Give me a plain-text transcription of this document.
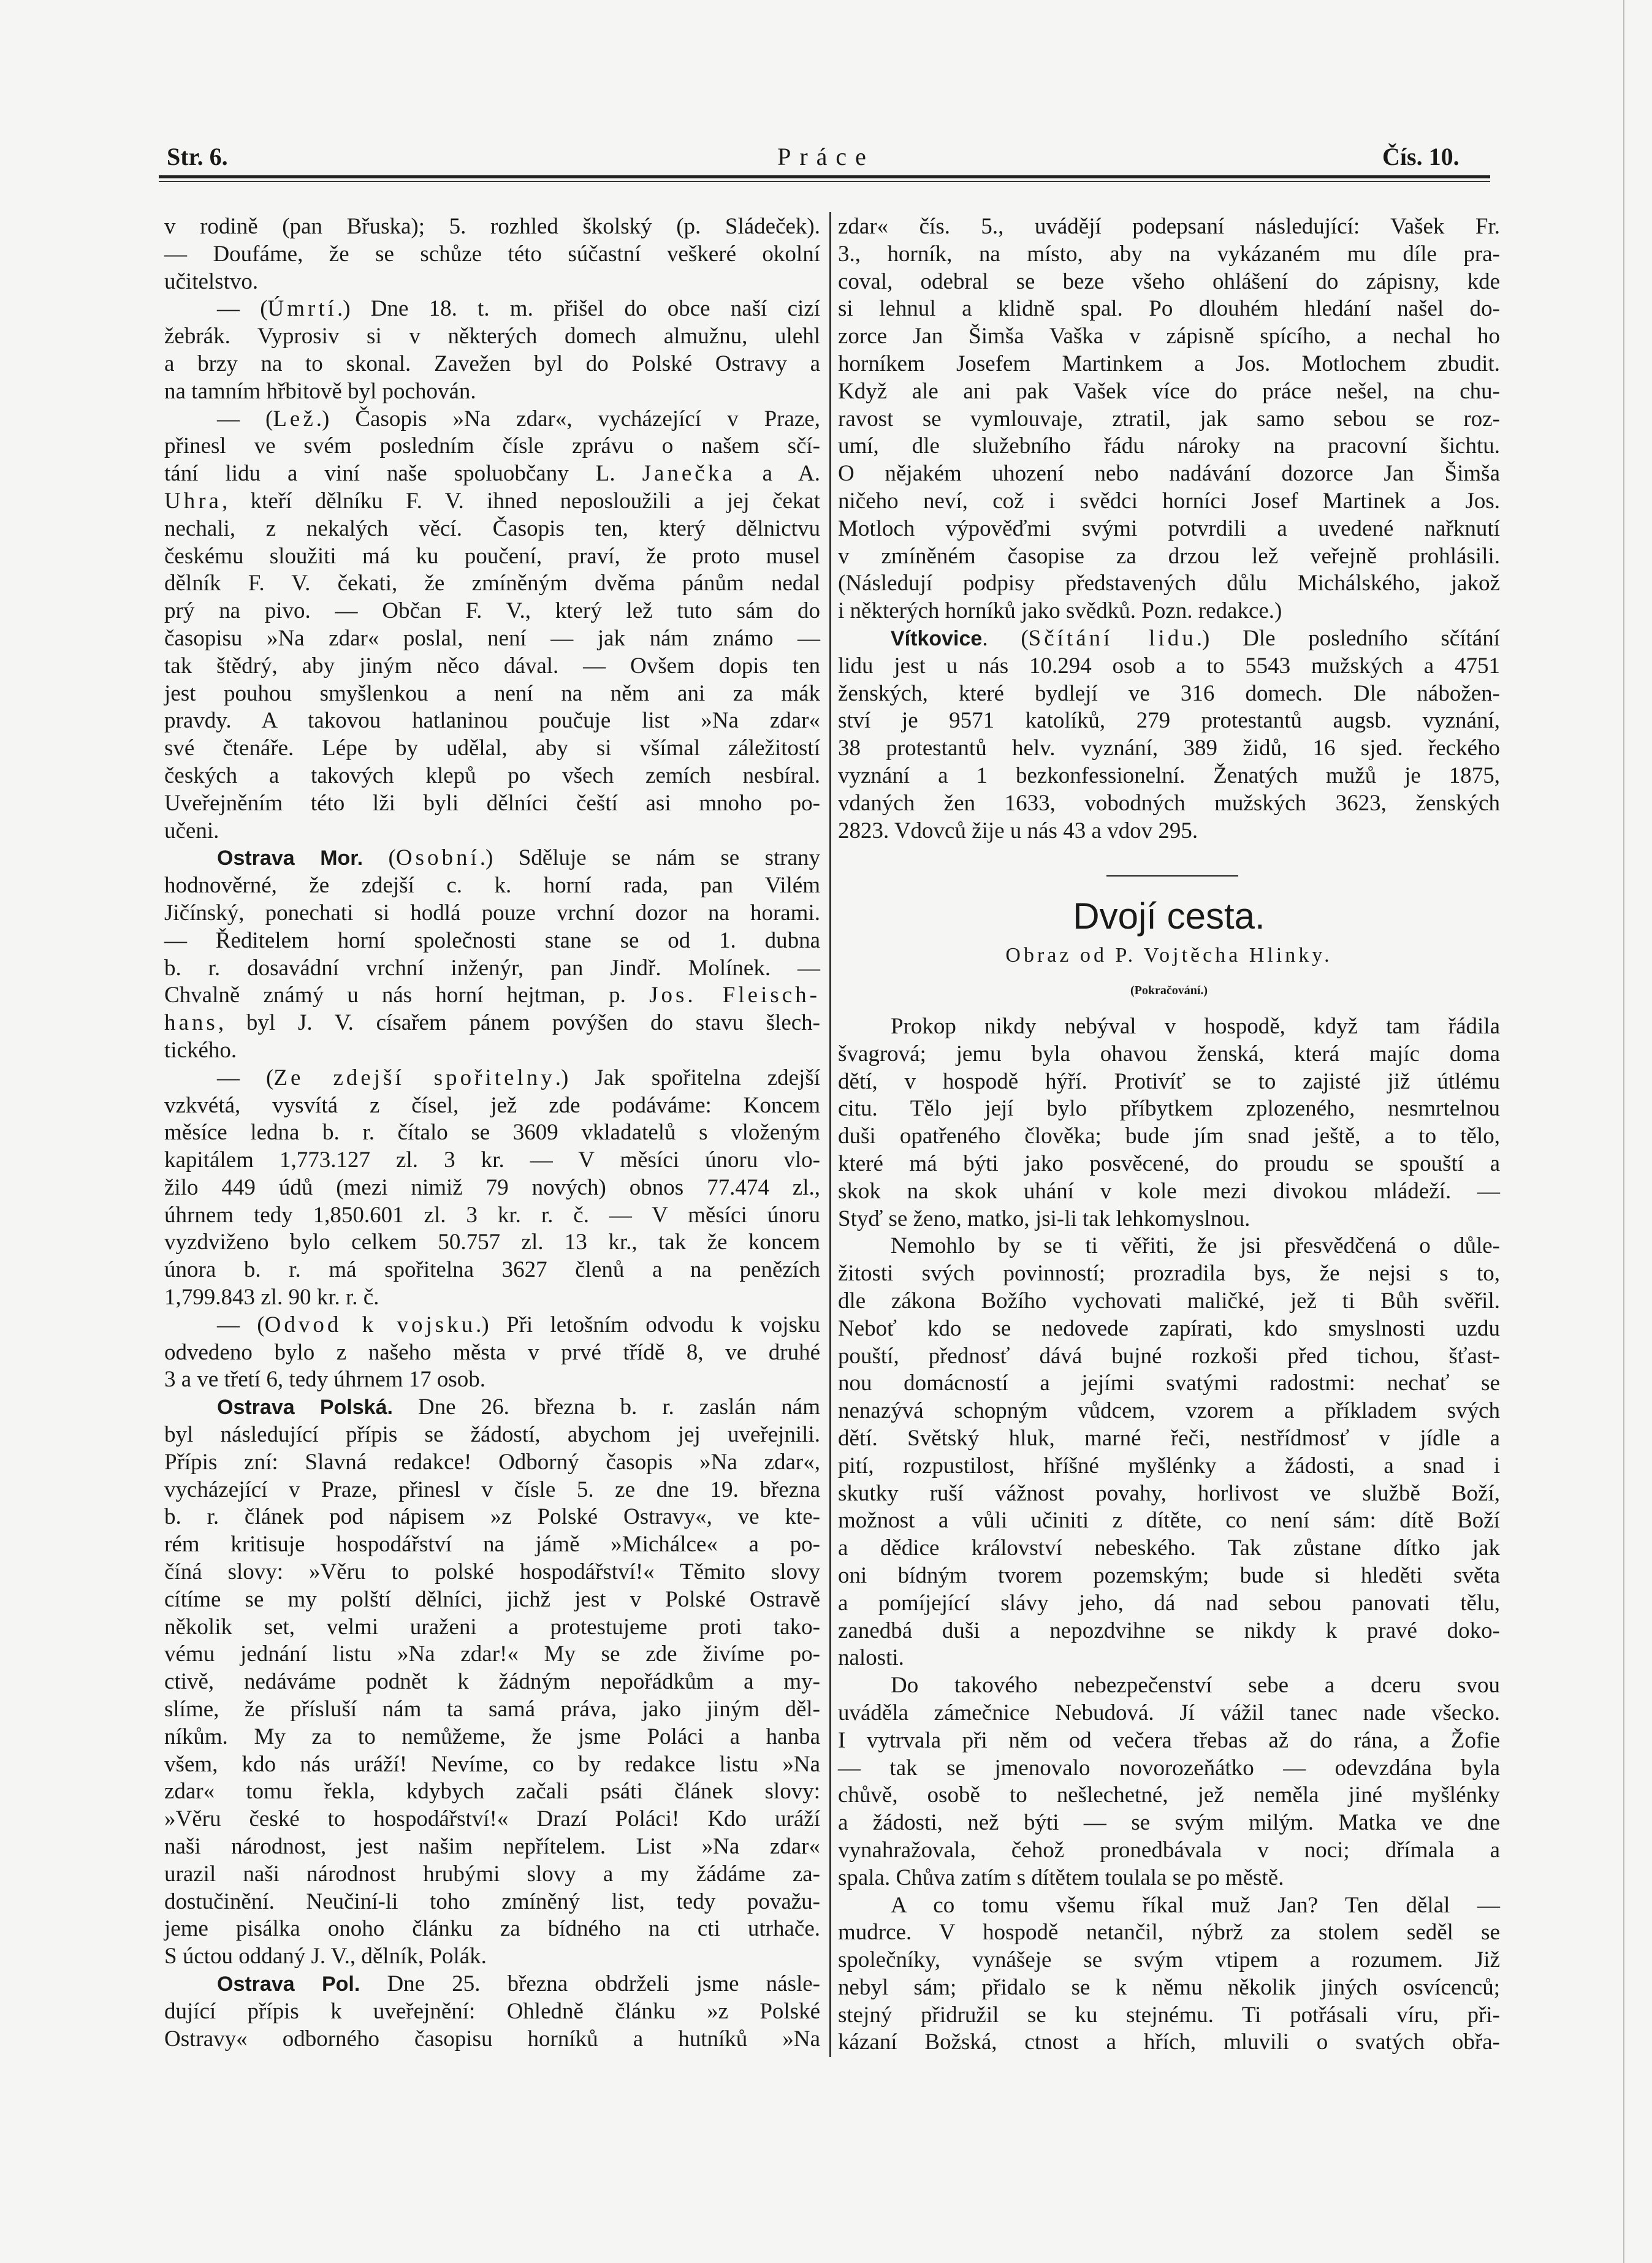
Str. 6.	Práce	Čís. 10.
v rodině (pan Břuska); 5. rozhled školský (p. Sládeček).
— Doufáme, že se schůze této súčastní veškeré okolní
učitelstvo.
— (Úmrtí.) Dne 18. t. m. přišel do obce naší cizí
žebrák. Vyprosiv si v některých domech almužnu, ulehl
a brzy na to skonal. Zavežen byl do Polské Ostravy a
na tamním hřbitově byl pochován.
— (Lež.) Časopis »Na zdar«, vycházející v Praze,
přinesl ve svém posledním čísle zprávu o našem sčí-
tání lidu a viní naše spoluobčany L. Janečka a A.
Uhra, kteří dělníku F. V. ihned neposloužili a jej čekat
nechali, z nekalých věcí. Časopis ten, který dělnictvu
českému sloužiti má ku poučení, praví, že proto musel
dělník F. V. čekati, že zmíněným dvěma pánům nedal
prý na pivo. — Občan F. V., který lež tuto sám do
časopisu »Na zdar« poslal, není — jak nám známo —
tak štědrý, aby jiným něco dával. — Ovšem dopis ten
jest pouhou smyšlenkou a není na něm ani za mák
pravdy. A takovou hatlaninou poučuje list »Na zdar«
své čtenáře. Lépe by udělal, aby si všímal záležitostí
českých a takových klepů po všech zemích nesbíral.
Uveřejněním této lži byli dělníci čeští asi mnoho po-
učeni.
Ostrava Mor. (Osobní.) Sděluje se nám se strany
hodnověrné, že zdejší c. k. horní rada, pan Vilém
Jičínský, ponechati si hodlá pouze vrchní dozor na horami.
— Ředitelem horní společnosti stane se od 1. dubna
b. r. dosavádní vrchní inženýr, pan Jindř. Molínek. —
Chvalně známý u nás horní hejtman, p. Jos. Fleisch-
hans, byl J. V. císařem pánem povýšen do stavu šlech-
tického.
— (Ze zdejší spořitelny.) Jak spořitelna zdejší
vzkvétá, vysvítá z čísel, jež zde podáváme: Koncem
měsíce ledna b. r. čítalo se 3609 vkladatelů s vloženým
kapitálem 1,773.127 zl. 3 kr. — V měsíci únoru vlo-
žilo 449 údů (mezi nimiž 79 nových) obnos 77.474 zl.,
úhrnem tedy 1,850.601 zl. 3 kr. r. č. — V měsíci únoru
vyzdviženo bylo celkem 50.757 zl. 13 kr., tak že koncem
února b. r. má spořitelna 3627 členů a na penězích
1,799.843 zl. 90 kr. r. č.
— (Odvod k vojsku.) Při letošním odvodu k vojsku
odvedeno bylo z našeho města v prvé třídě 8, ve druhé
3 a ve třetí 6, tedy úhrnem 17 osob.
Ostrava Polská. Dne 26. března b. r. zaslán nám
byl následující přípis se žádostí, abychom jej uveřejnili.
Přípis zní: Slavná redakce! Odborný časopis »Na zdar«,
vycházející v Praze, přinesl v čísle 5. ze dne 19. března
b. r. článek pod nápisem »z Polské Ostravy«, ve kte-
rém kritisuje hospodářství na jámě »Michálce« a po-
číná slovy: »Věru to polské hospodářství!« Těmito slovy
cítíme se my polští dělníci, jichž jest v Polské Ostravě
několik set, velmi uraženi a protestujeme proti tako-
vému jednání listu »Na zdar!« My se zde živíme po-
ctivě, nedáváme podnět k žádným nepořádkům a my-
slíme, že přísluší nám ta samá práva, jako jiným děl-
níkům. My za to nemůžeme, že jsme Poláci a hanba
všem, kdo nás uráží! Nevíme, co by redakce listu »Na
zdar« tomu řekla, kdybych začali psáti článek slovy:
»Věru české to hospodářství!« Drazí Poláci! Kdo uráží
naši národnost, jest našim nepřítelem. List »Na zdar«
urazil naši národnost hrubými slovy a my žádáme za-
dostučinění. Neučiní-li toho zmíněný list, tedy považu-
jeme pisálka onoho článku za bídného na cti utrhače.
S úctou oddaný J. V., dělník, Polák.
Ostrava Pol. Dne 25. března obdrželi jsme násle-
dující přípis k uveřejnění: Ohledně článku »z Polské
Ostravy« odborného časopisu horníků a hutníků »Na
zdar« čís. 5., uvádějí podepsaní následující: Vašek Fr.
3., horník, na místo, aby na vykázaném mu díle pra-
coval, odebral se beze všeho ohlášení do zápisny, kde
si lehnul a klidně spal. Po dlouhém hledání našel do-
zorce Jan Šimša Vaška v zápisně spícího, a nechal ho
horníkem Josefem Martinkem a Jos. Motlochem zbudit.
Když ale ani pak Vašek více do práce nešel, na chu-
ravost se vymlouvaje, ztratil, jak samo sebou se roz-
umí, dle služebního řádu nároky na pracovní šichtu.
O nějakém uhození nebo nadávání dozorce Jan Šimša
ničeho neví, což i svědci horníci Josef Martinek a Jos.
Motloch výpověďmi svými potvrdili a uvedené nařknutí
v zmíněném časopise za drzou lež veřejně prohlásili.
(Následují podpisy představených důlu Michálského, jakož
i některých horníků jako svědků. Pozn. redakce.)
Vítkovice. (Sčítání lidu.) Dle posledního sčítání
lidu jest u nás 10.294 osob a to 5543 mužských a 4751
ženských, které bydlejí ve 316 domech. Dle nábožen-
ství je 9571 katolíků, 279 protestantů augsb. vyznání,
38 protestantů helv. vyznání, 389 židů, 16 sjed. řeckého
vyznání a 1 bezkonfessionelní. Ženatých mužů je 1875,
vdaných žen 1633, vobodných mužských 3623, ženských
2823. Vdovců žije u nás 43 a vdov 295.
Dvojí cesta.
Obraz od P. Vojtěcha Hlinky.
(Pokračování.)
Prokop nikdy nebýval v hospodě, když tam řádila
švagrová; jemu byla ohavou ženská, která majíc doma
dětí, v hospodě hýří. Protivíť se to zajisté již útlému
citu. Tělo její bylo příbytkem zplozeného, nesmrtelnou
duši opatřeného člověka; bude jím snad ještě, a to tělo,
které má býti jako posvěcené, do proudu se spouští a
skok na skok uhání v kole mezi divokou mládeží. —
Styď se ženo, matko, jsi-li tak lehkomyslnou.
Nemohlo by se ti věřiti, že jsi přesvědčená o důle-
žitosti svých povinností; prozradila bys, že nejsi s to,
dle zákona Božího vychovati maličké, jež ti Bůh svěřil.
Neboť kdo se nedovede zapírati, kdo smyslnosti uzdu
pouští, přednosť dává bujné rozkoši před tichou, šťast-
nou domácností a jejími svatými radostmi: nechať se
nenazývá schopným vůdcem, vzorem a příkladem svých
dětí. Světský hluk, marné řeči, nestřídmosť v jídle a
pití, rozpustilost, hříšné myšlénky a žádosti, a snad i
skutky ruší vážnost povahy, horlivost ve službě Boží,
možnost a vůli učiniti z dítěte, co není sám: dítě Boží
a dědice království nebeského. Tak zůstane dítko jak
oni bídným tvorem pozemským; bude si hleděti světa
a pomíjející slávy jeho, dá nad sebou panovati tělu,
zanedbá duši a nepozdvihne se nikdy k pravé doko-
nalosti.
Do takového nebezpečenství sebe a dceru svou
uváděla zámečnice Nebudová. Jí vážil tanec nade všecko.
I vytrvala při něm od večera třebas až do rána, a Žofie
— tak se jmenovalo novorozeňátko — odevzdána byla
chůvě, osobě to nešlechetné, jež neměla jiné myšlénky
a žádosti, než býti — se svým milým. Matka ve dne
vynahražovala, čehož pronedbávala v noci; dřímala a
spala. Chůva zatím s dítětem toulala se po městě.
A co tomu všemu říkal muž Jan? Ten dělal —
mudrce. V hospodě netančil, nýbrž za stolem seděl se
společníky, vynášeje se svým vtipem a rozumem. Již
nebyl sám; přidalo se k němu několik jiných osvícenců;
stejný přidružil se ku stejnému. Ti potřásali víru, při-
kázaní Božská, ctnost a hřích, mluvili o svatých obřa-
